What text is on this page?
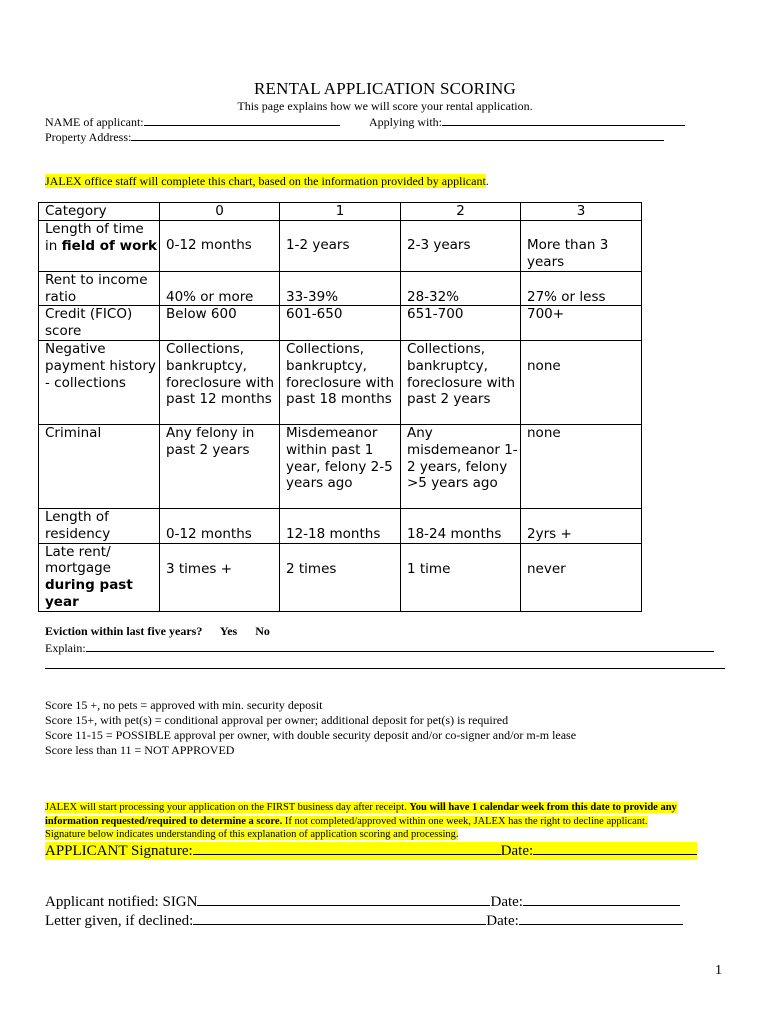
RENTAL APPLICATION SCORING
This page explains how we will score your rental application.
NAME of applicant:	Applying with:
Property Address:
JALEX office staff will complete this chart, based on the information provided by applicant.
Category	0	1	2	3
Length of time in field of work	0-12 months	1-2 years	2-3 years	More than 3 years
Rent to income ratio	40% or more	33-39%	28-32%	27% or less
Credit (FICO) score	Below 600	601-650	651-700	700+
Negative payment history - collections	Collections, bankruptcy, foreclosure with past 12 months	Collections, bankruptcy, foreclosure with past 18 months	Collections, bankruptcy, foreclosure with past 2 years	none
Criminal	Any felony in past 2 years	Misdemeanor within past 1 year, felony 2-5 years ago	Any misdemeanor 1-2 years, felony >5 years ago	none
Length of residency	0-12 months	12-18 months	18-24 months	2yrs +
Late rent/ mortgage during past year	3 times +	2 times	1 time	never
Eviction within last five years? Yes No
Explain:
Score 15 +, no pets = approved with min. security deposit
Score 15+, with pet(s) = conditional approval per owner; additional deposit for pet(s) is required
Score 11-15 = POSSIBLE approval per owner, with double security deposit and/or co-signer and/or m-m lease
Score less than 11 = NOT APPROVED
JALEX will start processing your application on the FIRST business day after receipt. You will have 1 calendar week from this date to provide any information requested/required to determine a score. If not completed/approved within one week, JALEX has the right to decline applicant.
Signature below indicates understanding of this explanation of application scoring and processing.
APPLICANT Signature:	Date:
Applicant notified: SIGN	Date:
Letter given, if declined:	Date:
1
